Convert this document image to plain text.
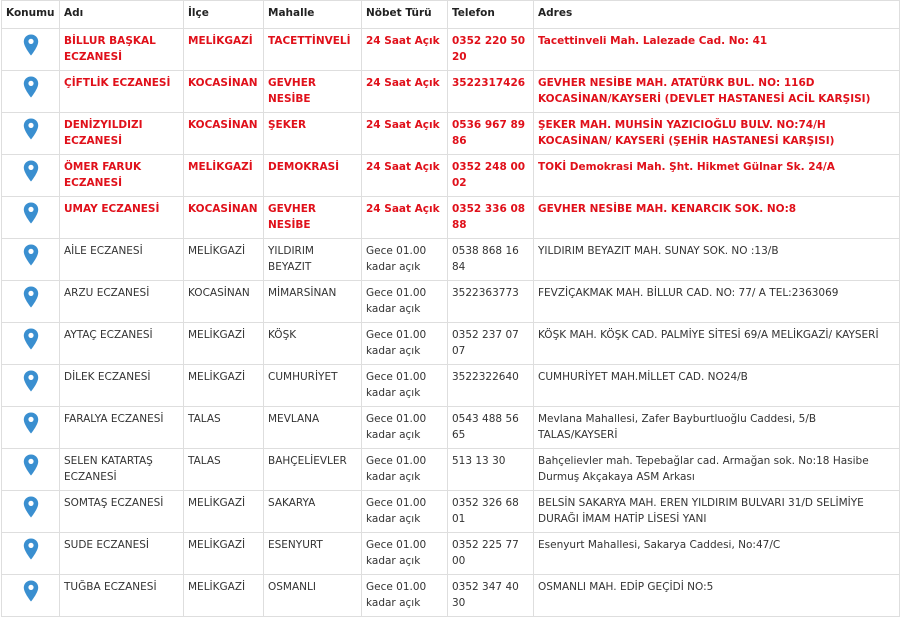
Konumu	Adı	İlçe	Mahalle	Nöbet Türü	Telefon	Adres
	BİLLUR BAŞKAL ECZANESİ	MELİKGAZİ	TACETTİNVELİ	24 Saat Açık	0352 220 50 20	Tacettinveli Mah. Lalezade Cad. No: 41
	ÇİFTLİK ECZANESİ	KOCASİNAN	GEVHER NESİBE	24 Saat Açık	3522317426	GEVHER NESİBE MAH. ATATÜRK BUL. NO: 116D KOCASİNAN/KAYSERİ (DEVLET HASTANESİ ACİL KARŞISI)
	DENİZYILDIZI ECZANESİ	KOCASİNAN	ŞEKER	24 Saat Açık	0536 967 89 86	ŞEKER MAH. MUHSİN YAZICIOĞLU BULV. NO:74/H KOCASİNAN/ KAYSERİ (ŞEHİR HASTANESİ KARŞISI)
	ÖMER FARUK ECZANESİ	MELİKGAZİ	DEMOKRASİ	24 Saat Açık	0352 248 00 02	TOKİ Demokrasi Mah. Şht. Hikmet Gülnar Sk. 24/A
	UMAY ECZANESİ	KOCASİNAN	GEVHER NESİBE	24 Saat Açık	0352 336 08 88	GEVHER NESİBE MAH. KENARCIK SOK. NO:8
	AİLE ECZANESİ	MELİKGAZİ	YILDIRIM BEYAZIT	Gece 01.00 kadar açık	0538 868 16 84	YILDIRIM BEYAZIT MAH. SUNAY SOK. NO :13/B
	ARZU ECZANESİ	KOCASİNAN	MİMARSİNAN	Gece 01.00 kadar açık	3522363773	FEVZİÇAKMAK MAH. BİLLUR CAD. NO: 77/ A TEL:2363069
	AYTAÇ ECZANESİ	MELİKGAZİ	KÖŞK	Gece 01.00 kadar açık	0352 237 07 07	KÖŞK MAH. KÖŞK CAD. PALMİYE SİTESİ 69/A MELİKGAZİ/ KAYSERİ
	DİLEK ECZANESİ	MELİKGAZİ	CUMHURİYET	Gece 01.00 kadar açık	3522322640	CUMHURİYET MAH.MİLLET CAD. NO24/B
	FARALYA ECZANESİ	TALAS	MEVLANA	Gece 01.00 kadar açık	0543 488 56 65	Mevlana Mahallesi, Zafer Bayburtluoğlu Caddesi, 5/B TALAS/KAYSERİ
	SELEN KATARTAŞ ECZANESİ	TALAS	BAHÇELİEVLER	Gece 01.00 kadar açık	513 13 30	Bahçelievler mah. Tepebağlar cad. Armağan sok. No:18 Hasibe Durmuş Akçakaya ASM Arkası
	SOMTAŞ ECZANESİ	MELİKGAZİ	SAKARYA	Gece 01.00 kadar açık	0352 326 68 01	BELSİN SAKARYA MAH. EREN YILDIRIM BULVARI 31/D SELİMİYE DURAĞI İMAM HATİP LİSESİ YANI
	SUDE ECZANESİ	MELİKGAZİ	ESENYURT	Gece 01.00 kadar açık	0352 225 77 00	Esenyurt Mahallesi, Sakarya Caddesi, No:47/C
	TUĞBA ECZANESİ	MELİKGAZİ	OSMANLI	Gece 01.00 kadar açık	0352 347 40 30	OSMANLI MAH. EDİP GEÇİDİ NO:5
